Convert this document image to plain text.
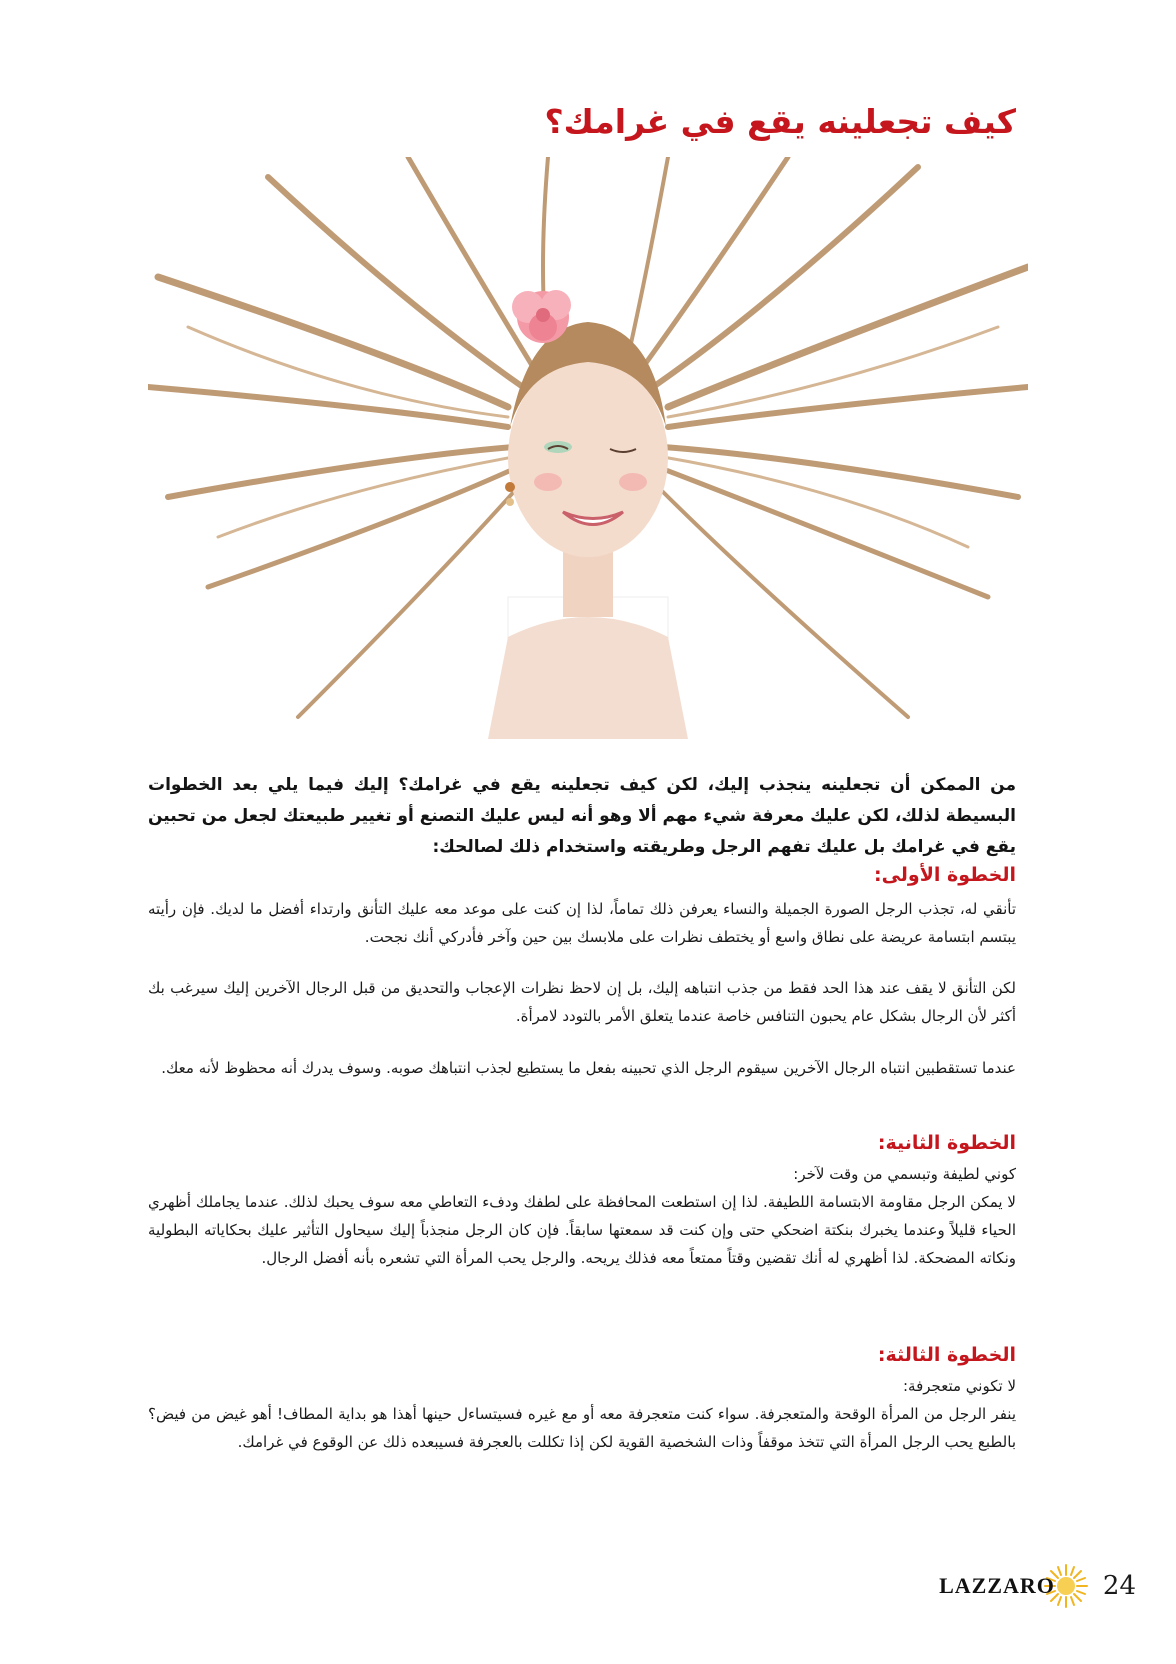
كيف تجعلينه يقع في غرامك؟

من الممكن أن تجعلينه ينجذب إليك، لكن كيف تجعلينه يقع في غرامك؟ إليك فيما يلي بعد الخطوات البسيطة لذلك، لكن عليك معرفة شيء مهم ألا وهو أنه ليس عليك التصنع أو تغيير طبيعتك لجعل من تحبين يقع في غرامك بل عليك تفهم الرجل وطريقته واستخدام ذلك لصالحك:

الخطوة الأولى:

تأنقي له، تجذب الرجل الصورة الجميلة والنساء يعرفن ذلك تماماً، لذا إن كنت على موعد معه عليك التأنق وارتداء أفضل ما لديك. فإن رأيته يبتسم ابتسامة عريضة على نطاق واسع أو يختطف نظرات على ملابسك بين حين وآخر فأدركي أنك نجحت.

لكن التأنق لا يقف عند هذا الحد فقط من جذب انتباهه إليك، بل إن لاحظ نظرات الإعجاب والتحديق من قبل الرجال الآخرين إليك سيرغب بك أكثر لأن الرجال بشكل عام يحبون التنافس خاصة عندما يتعلق الأمر بالتودد لامرأة.

عندما تستقطبين انتباه الرجال الآخرين سيقوم الرجل الذي تحبينه بفعل ما يستطيع لجذب انتباهك صوبه. وسوف يدرك أنه محظوظ لأنه معك.

الخطوة الثانية:

كوني لطيفة وتبسمي من وقت لآخر:

لا يمكن الرجل مقاومة الابتسامة اللطيفة. لذا إن استطعت المحافظة على لطفك ودفء التعاطي معه سوف يحبك لذلك. عندما يجاملك أظهري الحياء قليلاً وعندما يخبرك بنكتة اضحكي حتى وإن كنت قد سمعتها سابقاً. فإن كان الرجل منجذباً إليك سيحاول التأثير عليك بحكاياته البطولية ونكاته المضحكة. لذا أظهري له أنك تقضين وقتاً ممتعاً معه فذلك يريحه. والرجل يحب المرأة التي تشعره بأنه أفضل الرجال.

الخطوة الثالثة:

لا تكوني متعجرفة:

ينفر الرجل من المرأة الوقحة والمتعجرفة. سواء كنت متعجرفة معه أو مع غيره فسيتساءل حينها أهذا هو بداية المطاف! أهو غيض من فيض؟ بالطبع يحب الرجل المرأة التي تتخذ موقفاً وذات الشخصية القوية لكن إذا تكللت بالعجرفة فسيبعده ذلك عن الوقوع في غرامك.

24
LAZZARO
